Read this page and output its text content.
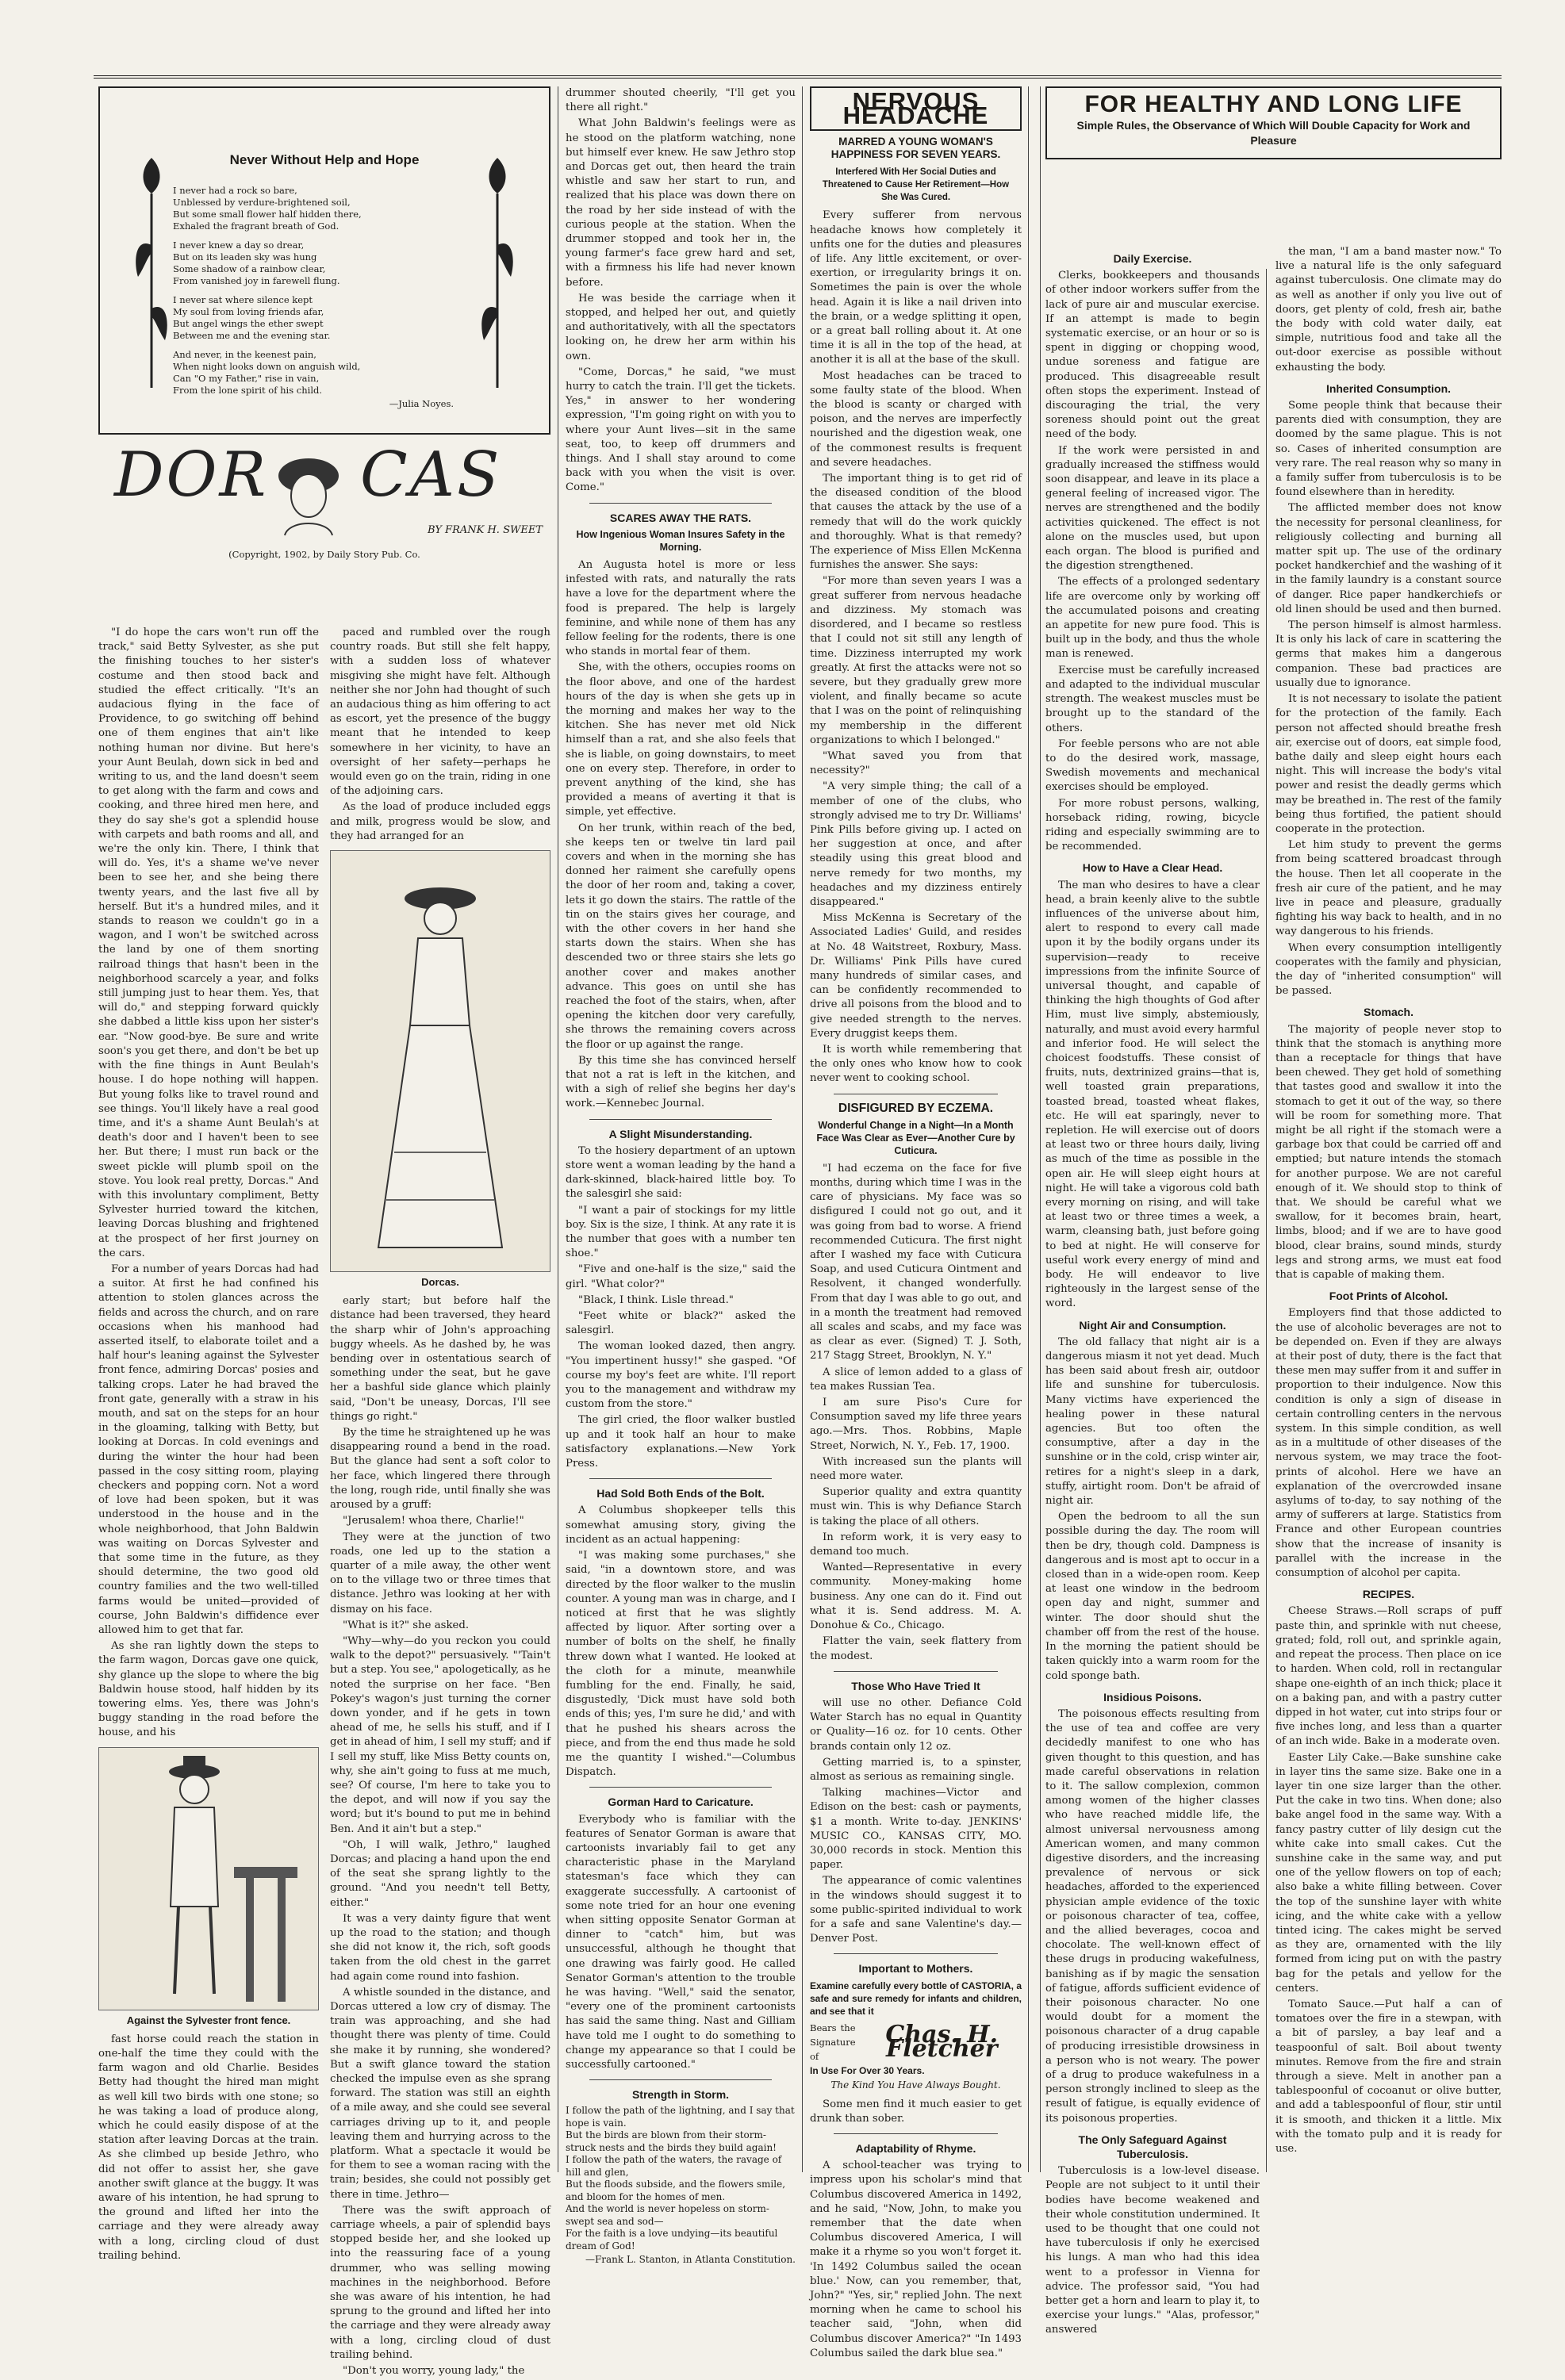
Never Without Help and Hope
I never had a rock so bare,
Unblessed by verdure-brightened soil,
But some small flower half hidden there,
Exhaled the fragrant breath of God.
I never knew a day so drear,
But on its leaden sky was hung
Some shadow of a rainbow clear,
From vanished joy in farewell flung.
I never sat where silence kept
My soul from loving friends afar,
But angel wings the ether swept
Between me and the evening star.
And never, in the keenest pain,
When night looks down on anguish wild,
Can "O my Father," rise in vain,
From the lone spirit of his child.
—Julia Noyes.
DOR CAS
BY FRANK H. SWEET
(Copyright, 1902, by Daily Story Pub. Co.

"I do hope the cars won't run off the track," said Betty Sylvester, as she put the finishing touches to her sister's costume and then stood back and studied the effect critically. "It's an audacious flying in the face of Providence, to go switching off behind one of them engines that ain't like nothing human nor divine. But here's your Aunt Beulah, down sick in bed and writing to us, and the land doesn't seem to get along with the farm and cows and cooking, and three hired men here, and they do say she's got a splendid house with carpets and bath rooms and all, and we're the only kin. There, I think that will do. Yes, it's a shame we've never been to see her, and she being there twenty years, and the last five all by herself. But it's a hundred miles, and it stands to reason we couldn't go in a wagon, and I won't be switched across the land by one of them snorting railroad things that hasn't been in the neighborhood scarcely a year, and folks still jumping just to hear them. Yes, that will do," and stepping forward quickly she dabbed a little kiss upon her sister's ear. "Now good-bye. Be sure and write soon's you get there, and don't be bet up with the fine things in Aunt Beulah's house. I do hope nothing will happen. But young folks like to travel round and see things. You'll likely have a real good time, and it's a shame Aunt Beulah's at death's door and I haven't been to see her. But there; I must run back or the sweet pickle will plumb spoil on the stove. You look real pretty, Dorcas." And with this involuntary compliment, Betty Sylvester hurried toward the kitchen, leaving Dorcas blushing and frightened at the prospect of her first journey on the cars.

For a number of years Dorcas had had a suitor. At first he had confined his attention to stolen glances across the fields and across the church, and on rare occasions when his manhood had asserted itself, to elaborate toilet and a half hour's leaning against the Sylvester front fence, admiring Dorcas' posies and talking crops. Later he had braved the front gate, generally with a straw in his mouth, and sat on the steps for an hour in the gloaming, talking with Betty, but looking at Dorcas. In cold evenings and during the winter the hour had been passed in the cosy sitting room, playing checkers and popping corn. Not a word of love had been spoken, but it was understood in the house and in the whole neighborhood, that John Baldwin was waiting on Dorcas Sylvester and that some time in the future, as they should determine, the two good old country families and the two well-tilled farms would be united—provided of course, John Baldwin's diffidence ever allowed him to get that far.

As she ran lightly down the steps to the farm wagon, Dorcas gave one quick, shy glance up the slope to where the big Baldwin house stood, half hidden by its towering elms. Yes, there was John's buggy standing in the road before the house, and his

Against the Sylvester front fence.

fast horse could reach the station in one-half the time they could with the farm wagon and old Charlie. Besides Betty had thought the hired man might as well kill two birds with one stone; so he was taking a load of produce along, which he could easily dispose of at the station after leaving Dorcas at the train. As she climbed up beside Jethro, who did not offer to assist her, she gave another swift glance at the buggy. It was aware of his intention, he had sprung to the ground and lifted her into the carriage and they were already away with a long, circling cloud of dust trailing behind.

paced and rumbled over the rough country roads. But still she felt happy, with a sudden loss of whatever misgiving she might have felt. Although neither she nor John had thought of such an audacious thing as him offering to act as escort, yet the presence of the buggy meant that he intended to keep somewhere in her vicinity, to have an oversight of her safety—perhaps he would even go on the train, riding in one of the adjoining cars.

As the load of produce included eggs and milk, progress would be slow, and they had arranged for an

Dorcas.

early start; but before half the distance had been traversed, they heard the sharp whir of John's approaching buggy wheels. As he dashed by, he was bending over in ostentatious search of something under the seat, but he gave her a bashful side glance which plainly said, "Don't be uneasy, Dorcas, I'll see things go right."

By the time he straightened up he was disappearing round a bend in the road. But the glance had sent a soft color to her face, which lingered there through the long, rough ride, until finally she was aroused by a gruff:

"Jerusalem! whoa there, Charlie!"

They were at the junction of two roads, one led up to the station a quarter of a mile away, the other went on to the village two or three times that distance. Jethro was looking at her with dismay on his face.

"What is it?" she asked.

"Why—why—do you reckon you could walk to the depot?" persuasively. "'Tain't but a step. You see," apologetically, as he noted the surprise on her face. "Ben Pokey's wagon's just turning the corner down yonder, and if he gets in town ahead of me, he sells his stuff, and if I get in ahead of him, I sell my stuff; and if I sell my stuff, like Miss Betty counts on, why, she ain't going to fuss at me much, see? Of course, I'm here to take you to the depot, and will now if you say the word; but it's bound to put me in behind Ben. And it ain't but a step."

"Oh, I will walk, Jethro," laughed Dorcas; and placing a hand upon the end of the seat she sprang lightly to the ground. "And you needn't tell Betty, either."

It was a very dainty figure that went up the road to the station; and though she did not know it, the rich, soft goods taken from the old chest in the garret had again come round into fashion.

A whistle sounded in the distance, and Dorcas uttered a low cry of dismay. The train was approaching, and she had thought there was plenty of time. Could she make it by running, she wondered? But a swift glance toward the station checked the impulse even as she sprang forward. The station was still an eighth of a mile away, and she could see several carriages driving up to it, and people leaving them and hurrying across to the platform. What a spectacle it would be for them to see a woman racing with the train; besides, she could not possibly get there in time. Jethro—

There was the swift approach of carriage wheels, a pair of splendid bays stopped beside her, and she looked up into the reassuring face of a young drummer, who was selling mowing machines in the neighborhood. Before she was aware of his intention, he had sprung to the ground and lifted her into the carriage and they were already away with a long, circling cloud of dust trailing behind.

"Don't you worry, young lady," the

drummer shouted cheerily, "I'll get you there all right."

What John Baldwin's feelings were as he stood on the platform watching, none but himself ever knew. He saw Jethro stop and Dorcas get out, then heard the train whistle and saw her start to run, and realized that his place was down there on the road by her side instead of with the curious people at the station. When the drummer stopped and took her in, the young farmer's face grew hard and set, with a firmness his life had never known before.

He was beside the carriage when it stopped, and helped her out, and quietly and authoritatively, with all the spectators looking on, he drew her arm within his own.

"Come, Dorcas," he said, "we must hurry to catch the train. I'll get the tickets. Yes," in answer to her wondering expression, "I'm going right on with you to where your Aunt lives—sit in the same seat, too, to keep off drummers and things. And I shall stay around to come back with you when the visit is over. Come."

SCARES AWAY THE RATS.
How Ingenious Woman Insures Safety in the Morning.

An Augusta hotel is more or less infested with rats, and naturally the rats have a love for the department where the food is prepared. The help is largely feminine, and while none of them has any fellow feeling for the rodents, there is one who stands in mortal fear of them.

She, with the others, occupies rooms on the floor above, and one of the hardest hours of the day is when she gets up in the morning and makes her way to the kitchen. She has never met old Nick himself than a rat, and she also feels that she is liable, on going downstairs, to meet one on every step. Therefore, in order to prevent anything of the kind, she has provided a means of averting it that is simple, yet effective.

On her trunk, within reach of the bed, she keeps ten or twelve tin lard pail covers and when in the morning she has donned her raiment she carefully opens the door of her room and, taking a cover, lets it go down the stairs. The rattle of the tin on the stairs gives her courage, and with the other covers in her hand she starts down the stairs. When she has descended two or three stairs she lets go another cover and makes another advance. This goes on until she has reached the foot of the stairs, when, after opening the kitchen door very carefully, she throws the remaining covers across the floor or up against the range.

By this time she has convinced herself that not a rat is left in the kitchen, and with a sigh of relief she begins her day's work.—Kennebec Journal.

A Slight Misunderstanding.

To the hosiery department of an uptown store went a woman leading by the hand a dark-skinned, black-haired little boy. To the salesgirl she said:

"I want a pair of stockings for my little boy. Six is the size, I think. At any rate it is the number that goes with a number ten shoe."

"Five and one-half is the size," said the girl. "What color?"

"Black, I think. Lisle thread."

"Feet white or black?" asked the salesgirl.

The woman looked dazed, then angry. "You impertinent hussy!" she gasped. "Of course my boy's feet are white. I'll report you to the management and withdraw my custom from the store."

The girl cried, the floor walker bustled up and it took half an hour to make satisfactory explanations.—New York Press.

Had Sold Both Ends of the Bolt.

A Columbus shopkeeper tells this somewhat amusing story, giving the incident as an actual happening:

"I was making some purchases," she said, "in a downtown store, and was directed by the floor walker to the muslin counter. A young man was in charge, and I noticed at first that he was slightly affected by liquor. After sorting over a number of bolts on the shelf, he finally threw down what I wanted. He looked at the cloth for a minute, meanwhile fumbling for the end. Finally, he said, disgustedly, 'Dick must have sold both ends of this; yes, I'm sure he did,' and with that he pushed his shears across the piece, and from the end thus made he sold me the quantity I wished."—Columbus Dispatch.

Gorman Hard to Caricature.

Everybody who is familiar with the features of Senator Gorman is aware that cartoonists invariably fail to get any characteristic phase in the Maryland statesman's face which they can exaggerate successfully. A cartoonist of some note tried for an hour one evening when sitting opposite Senator Gorman at dinner to "catch" him, but was unsuccessful, although he thought that one drawing was fairly good. He called Senator Gorman's attention to the trouble he was having. "Well," said the senator, "every one of the prominent cartoonists has said the same thing. Nast and Gilliam have told me I ought to do something to change my appearance so that I could be successfully cartooned."

Strength in Storm.
I follow the path of the lightning, and I say that hope is vain.
But the birds are blown from their storm-struck nests and the birds they build again!
I follow the path of the waters, the ravage of hill and glen,
But the floods subside, and the flowers smile, and bloom for the homes of men.
And the world is never hopeless on storm-swept sea and sod—
For the faith is a love undying—its beautiful dream of God!
—Frank L. Stanton, in Atlanta Constitution.
NERVOUS HEADACHE
MARRED A YOUNG WOMAN'S HAPPINESS FOR SEVEN YEARS.
Interfered With Her Social Duties and Threatened to Cause Her Retirement—How She Was Cured.

Every sufferer from nervous headache knows how completely it unfits one for the duties and pleasures of life. Any little excitement, or over-exertion, or irregularity brings it on. Sometimes the pain is over the whole head. Again it is like a nail driven into the brain, or a wedge splitting it open, or a great ball rolling about it. At one time it is all in the top of the head, at another it is all at the base of the skull.

Most headaches can be traced to some faulty state of the blood. When the blood is scanty or charged with poison, and the nerves are imperfectly nourished and the digestion weak, one of the commonest results is frequent and severe headaches.

The important thing is to get rid of the diseased condition of the blood that causes the attack by the use of a remedy that will do the work quickly and thoroughly. What is that remedy? The experience of Miss Ellen McKenna furnishes the answer. She says:

"For more than seven years I was a great sufferer from nervous headache and dizziness. My stomach was disordered, and I became so restless that I could not sit still any length of time. Dizziness interrupted my work greatly. At first the attacks were not so severe, but they gradually grew more violent, and finally became so acute that I was on the point of relinquishing my membership in the different organizations to which I belonged."

"What saved you from that necessity?"

"A very simple thing; the call of a member of one of the clubs, who strongly advised me to try Dr. Williams' Pink Pills before giving up. I acted on her suggestion at once, and after steadily using this great blood and nerve remedy for two months, my headaches and my dizziness entirely disappeared."

Miss McKenna is Secretary of the Associated Ladies' Guild, and resides at No. 48 Waitstreet, Roxbury, Mass. Dr. Williams' Pink Pills have cured many hundreds of similar cases, and can be confidently recommended to drive all poisons from the blood and to give needed strength to the nerves. Every druggist keeps them.

It is worth while remembering that the only ones who know how to cook never went to cooking school.

DISFIGURED BY ECZEMA.
Wonderful Change in a Night—In a Month Face Was Clear as Ever—Another Cure by Cuticura.

"I had eczema on the face for five months, during which time I was in the care of physicians. My face was so disfigured I could not go out, and it was going from bad to worse. A friend recommended Cuticura. The first night after I washed my face with Cuticura Soap, and used Cuticura Ointment and Resolvent, it changed wonderfully. From that day I was able to go out, and in a month the treatment had removed all scales and scabs, and my face was as clear as ever. (Signed) T. J. Soth, 217 Stagg Street, Brooklyn, N. Y."

A slice of lemon added to a glass of tea makes Russian Tea.

I am sure Piso's Cure for Consumption saved my life three years ago.—Mrs. Thos. Robbins, Maple Street, Norwich, N. Y., Feb. 17, 1900.

With increased sun the plants will need more water.

Superior quality and extra quantity must win. This is why Defiance Starch is taking the place of all others.

In reform work, it is very easy to demand too much.

Wanted—Representative in every community. Money-making home business. Any one can do it. Find out what it is. Send address. M. A. Donohue & Co., Chicago.

Flatter the vain, seek flattery from the modest.

Those Who Have Tried It

will use no other. Defiance Cold Water Starch has no equal in Quantity or Quality—16 oz. for 10 cents. Other brands contain only 12 oz.

Getting married is, to a spinster, almost as serious as remaining single.

Talking machines—Victor and Edison on the best: cash or payments, $1 a month. Write to-day. JENKINS' MUSIC CO., KANSAS CITY, MO. 30,000 records in stock. Mention this paper.

The appearance of comic valentines in the windows should suggest it to some public-spirited individual to work for a safe and sane Valentine's day.—Denver Post.

Important to Mothers.
Examine carefully every bottle of CASTORIA, a safe and sure remedy for infants and children, and see that it
Bears the Signature of
Chas. H. Fletcher
In Use For Over 30 Years.
The Kind You Have Always Bought.

Some men find it much easier to get drunk than sober.

Adaptability of Rhyme.

A school-teacher was trying to impress upon his scholar's mind that Columbus discovered America in 1492, and he said, "Now, John, to make you remember that the date when Columbus discovered America, I will make it a rhyme so you won't forget it. 'In 1492 Columbus sailed the ocean blue.' Now, can you remember, that, John?" "Yes, sir," replied John. The next morning when he came to school his teacher said, "John, when did Columbus discover America?" "In 1493 Columbus sailed the dark blue sea."

FOR HEALTHY AND LONG LIFE
Simple Rules, the Observance of Which Will Double Capacity for Work and Pleasure
Daily Exercise.

Clerks, bookkeepers and thousands of other indoor workers suffer from the lack of pure air and muscular exercise. If an attempt is made to begin systematic exercise, or an hour or so is spent in digging or chopping wood, undue soreness and fatigue are produced. This disagreeable result often stops the experiment. Instead of discouraging the trial, the very soreness should point out the great need of the body.

If the work were persisted in and gradually increased the stiffness would soon disappear, and leave in its place a general feeling of increased vigor. The nerves are strengthened and the bodily activities quickened. The effect is not alone on the muscles used, but upon each organ. The blood is purified and the digestion strengthened.

The effects of a prolonged sedentary life are overcome only by working off the accumulated poisons and creating an appetite for new pure food. This is built up in the body, and thus the whole man is renewed.

Exercise must be carefully increased and adapted to the individual muscular strength. The weakest muscles must be brought up to the standard of the others.

For feeble persons who are not able to do the desired work, massage, Swedish movements and mechanical exercises should be employed.

For more robust persons, walking, horseback riding, rowing, bicycle riding and especially swimming are to be recommended.

How to Have a Clear Head.

The man who desires to have a clear head, a brain keenly alive to the subtle influences of the universe about him, alert to respond to every call made upon it by the bodily organs under its supervision—ready to receive impressions from the infinite Source of universal thought, and capable of thinking the high thoughts of God after Him, must live simply, abstemiously, naturally, and must avoid every harmful and inferior food. He will select the choicest foodstuffs. These consist of fruits, nuts, dextrinized grains—that is, well toasted grain preparations, toasted bread, toasted wheat flakes, etc. He will eat sparingly, never to repletion. He will exercise out of doors at least two or three hours daily, living as much of the time as possible in the open air. He will sleep eight hours at night. He will take a vigorous cold bath every morning on rising, and will take at least two or three times a week, a warm, cleansing bath, just before going to bed at night. He will conserve for useful work every energy of mind and body. He will endeavor to live righteously in the largest sense of the word.

Night Air and Consumption.

The old fallacy that night air is a dangerous miasm it not yet dead. Much has been said about fresh air, outdoor life and sunshine for tuberculosis. Many victims have experienced the healing power in these natural agencies. But too often the consumptive, after a day in the sunshine or in the cold, crisp winter air, retires for a night's sleep in a dark, stuffy, airtight room. Don't be afraid of night air.

Open the bedroom to all the sun possible during the day. The room will then be dry, though cold. Dampness is dangerous and is most apt to occur in a closed than in a wide-open room. Keep at least one window in the bedroom open day and night, summer and winter. The door should shut the chamber off from the rest of the house. In the morning the patient should be taken quickly into a warm room for the cold sponge bath.

Insidious Poisons.

The poisonous effects resulting from the use of tea and coffee are very decidedly manifest to one who has given thought to this question, and has made careful observations in relation to it. The sallow complexion, common among women of the higher classes who have reached middle life, the almost universal nervousness among American women, and many common digestive disorders, and the increasing prevalence of nervous or sick headaches, afforded to the experienced physician ample evidence of the toxic or poisonous character of tea, coffee, and the allied beverages, cocoa and chocolate. The well-known effect of these drugs in producing wakefulness, banishing as if by magic the sensation of fatigue, affords sufficient evidence of their poisonous character. No one would doubt for a moment the poisonous character of a drug capable of producing irresistible drowsiness in a person who is not weary. The power of a drug to produce wakefulness in a person strongly inclined to sleep as the result of fatigue, is equally evidence of its poisonous properties.

The Only Safeguard Against Tuberculosis.

Tuberculosis is a low-level disease. People are not subject to it until their bodies have become weakened and their whole constitution undermined. It used to be thought that one could not have tuberculosis if only he exercised his lungs. A man who had this idea went to a professor in Vienna for advice. The professor said, "You had better get a horn and learn to play it, to exercise your lungs." "Alas, professor," answered

the man, "I am a band master now." To live a natural life is the only safeguard against tuberculosis. One climate may do as well as another if only you live out of doors, get plenty of cold, fresh air, bathe the body with cold water daily, eat simple, nutritious food and take all the out-door exercise as possible without exhausting the body.

Inherited Consumption.

Some people think that because their parents died with consumption, they are doomed by the same plague. This is not so. Cases of inherited consumption are very rare. The real reason why so many in a family suffer from tuberculosis is to be found elsewhere than in heredity.

The afflicted member does not know the necessity for personal cleanliness, for religiously collecting and burning all matter spit up. The use of the ordinary pocket handkerchief and the washing of it in the family laundry is a constant source of danger. Rice paper handkerchiefs or old linen should be used and then burned.

The person himself is almost harmless. It is only his lack of care in scattering the germs that makes him a dangerous companion. These bad practices are usually due to ignorance.

It is not necessary to isolate the patient for the protection of the family. Each person not affected should breathe fresh air, exercise out of doors, eat simple food, bathe daily and sleep eight hours each night. This will increase the body's vital power and resist the deadly germs which may be breathed in. The rest of the family being thus fortified, the patient should cooperate in the protection.

Let him study to prevent the germs from being scattered broadcast through the house. Then let all cooperate in the fresh air cure of the patient, and he may live in peace and pleasure, gradually fighting his way back to health, and in no way dangerous to his friends.

When every consumption intelligently cooperates with the family and physician, the day of "inherited consumption" will be passed.

Stomach.

The majority of people never stop to think that the stomach is anything more than a receptacle for things that have been chewed. They get hold of something that tastes good and swallow it into the stomach to get it out of the way, so there will be room for something more. That might be all right if the stomach were a garbage box that could be carried off and emptied; but nature intends the stomach for another purpose. We are not careful enough of it. We should stop to think of that. We should be careful what we swallow, for it becomes brain, heart, limbs, blood; and if we are to have good blood, clear brains, sound minds, sturdy legs and strong arms, we must eat food that is capable of making them.

Foot Prints of Alcohol.

Employers find that those addicted to the use of alcoholic beverages are not to be depended on. Even if they are always at their post of duty, there is the fact that these men may suffer from it and suffer in proportion to their indulgence. Now this condition is only a sign of disease in certain controlling centers in the nervous system. In this simple condition, as well as in a multitude of other diseases of the nervous system, we may trace the foot-prints of alcohol. Here we have an explanation of the overcrowded insane asylums of to-day, to say nothing of the army of sufferers at large. Statistics from France and other European countries show that the increase of insanity is parallel with the increase in the consumption of alcohol per capita.

RECIPES.

Cheese Straws.—Roll scraps of puff paste thin, and sprinkle with nut cheese, grated; fold, roll out, and sprinkle again, and repeat the process. Then place on ice to harden. When cold, roll in rectangular shape one-eighth of an inch thick; place it on a baking pan, and with a pastry cutter dipped in hot water, cut into strips four or five inches long, and less than a quarter of an inch wide. Bake in a moderate oven.

Easter Lily Cake.—Bake sunshine cake in layer tins the same size. Bake one in a layer tin one size larger than the other. Put the cake in two tins. When done; also bake angel food in the same way. With a fancy pastry cutter of lily design cut the white cake into small cakes. Cut the sunshine cake in the same way, and put one of the yellow flowers on top of each; also bake a white filling between. Cover the top of the sunshine layer with white icing, and the white cake with a yellow tinted icing. The cakes might be served as they are, ornamented with the lily formed from icing put on with the pastry bag for the petals and yellow for the centers.

Tomato Sauce.—Put half a can of tomatoes over the fire in a stewpan, with a bit of parsley, a bay leaf and a teaspoonful of salt. Boil about twenty minutes. Remove from the fire and strain through a sieve. Melt in another pan a tablespoonful of cocoanut or olive butter, and add a tablespoonful of flour, stir until it is smooth, and thicken it a little. Mix with the tomato pulp and it is ready for use.
